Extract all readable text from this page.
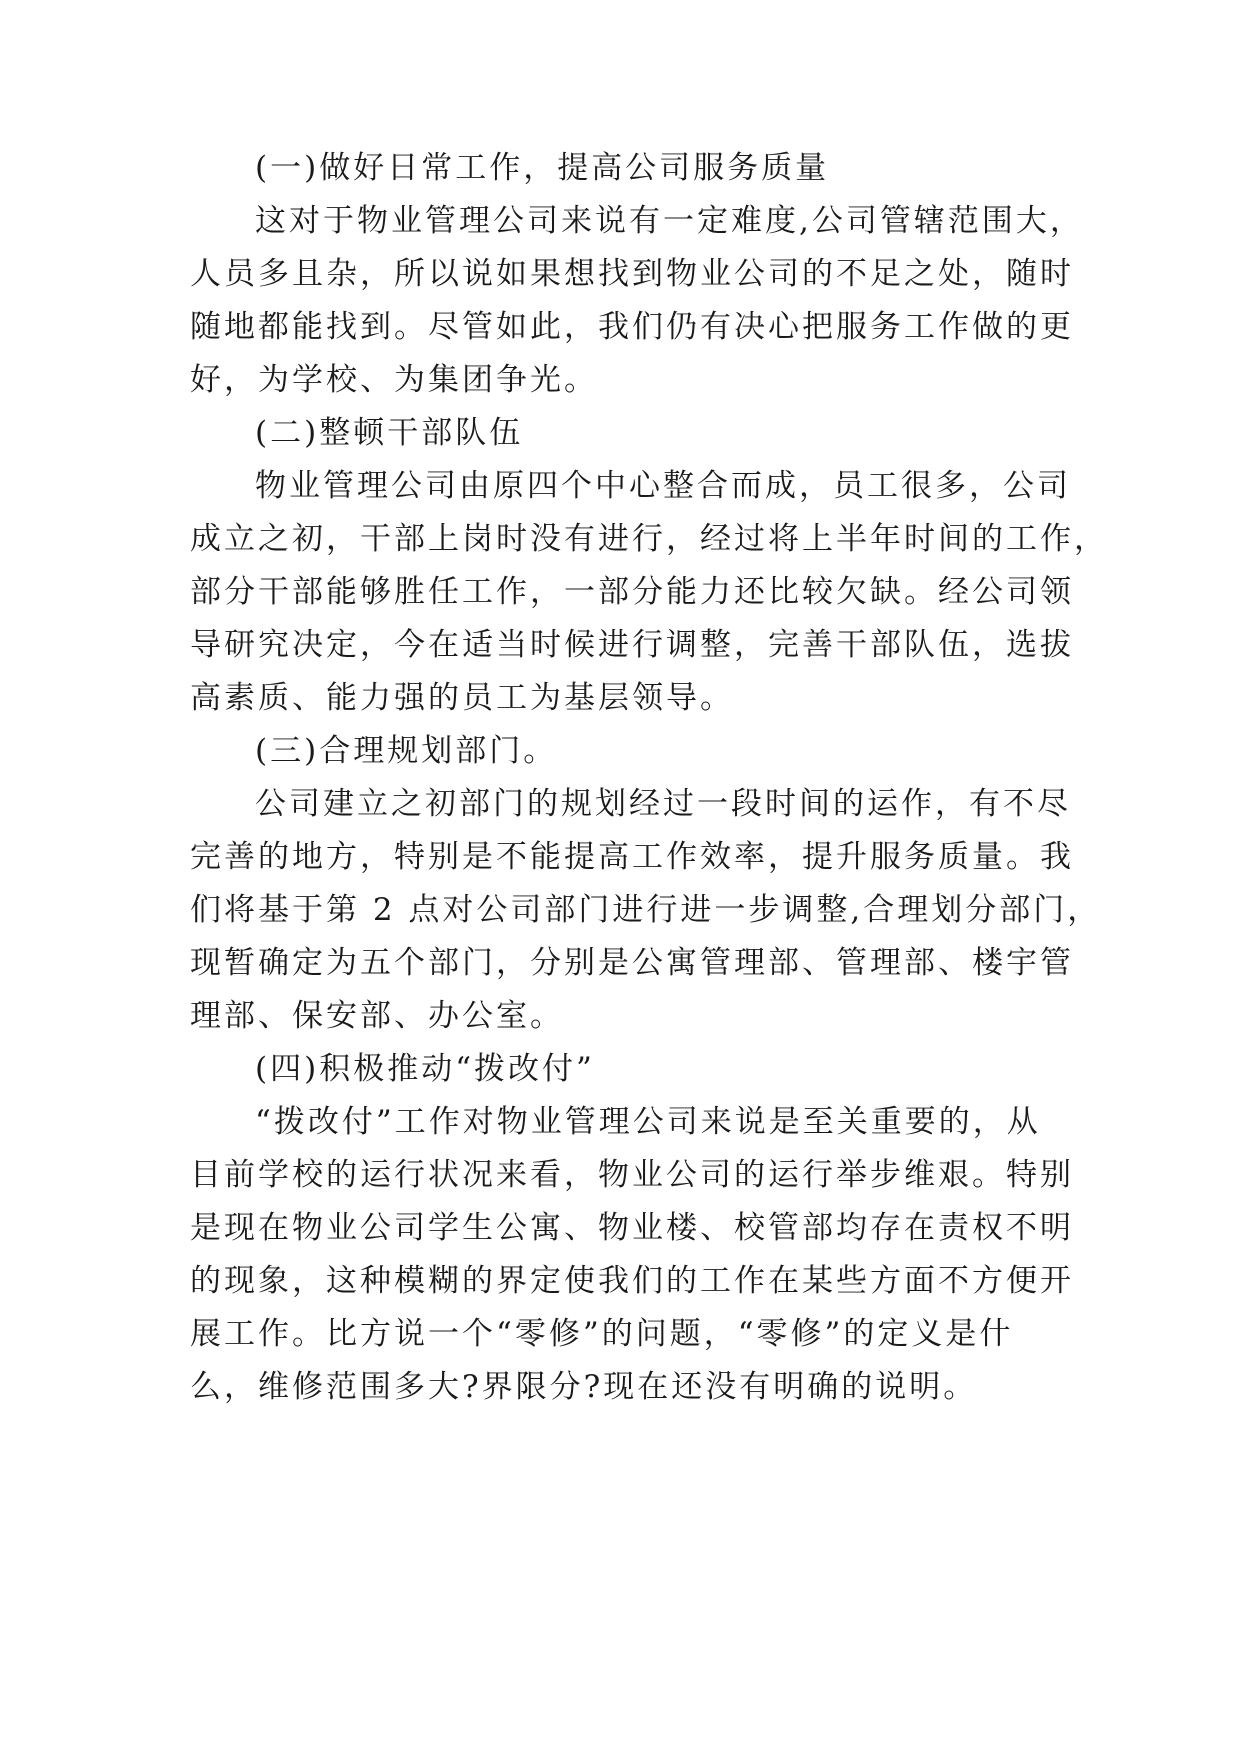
(一)做好日常工作，提高公司服务质量
这对于物业管理公司来说有一定难度,公司管辖范围大，
人员多且杂，所以说如果想找到物业公司的不足之处，随时
随地都能找到。尽管如此，我们仍有决心把服务工作做的更
好，为学校、为集团争光。
(二)整顿干部队伍
物业管理公司由原四个中心整合而成，员工很多，公司
成立之初，干部上岗时没有进行，经过将上半年时间的工作，
部分干部能够胜任工作，一部分能力还比较欠缺。经公司领
导研究决定，今在适当时候进行调整，完善干部队伍，选拔
高素质、能力强的员工为基层领导。
(三)合理规划部门。
公司建立之初部门的规划经过一段时间的运作，有不尽
完善的地方，特别是不能提高工作效率，提升服务质量。我
们将基于第 2 点对公司部门进行进一步调整,合理划分部门，
现暂确定为五个部门，分别是公寓管理部、管理部、楼宇管
理部、保安部、办公室。
(四)积极推动“拨改付”
“拨改付”工作对物业管理公司来说是至关重要的，从
目前学校的运行状况来看，物业公司的运行举步维艰。特别
是现在物业公司学生公寓、物业楼、校管部均存在责权不明
的现象，这种模糊的界定使我们的工作在某些方面不方便开
展工作。比方说一个“零修”的问题，“零修”的定义是什
么，维修范围多大?界限分?现在还没有明确的说明。
